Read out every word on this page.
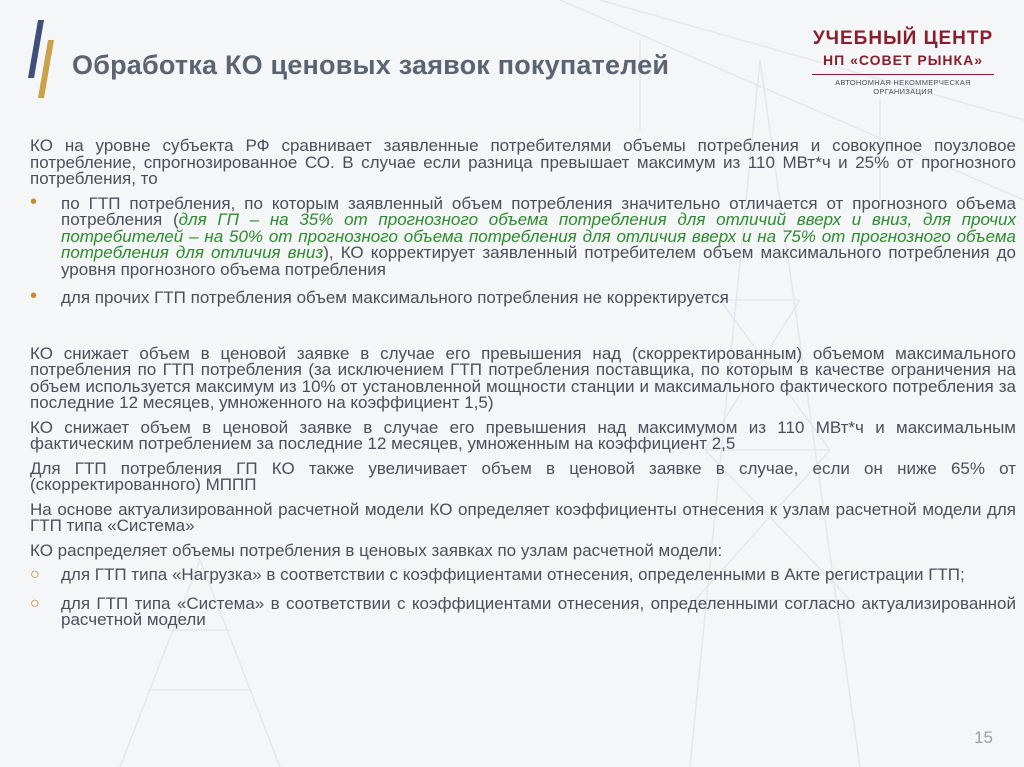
Обработка КО ценовых заявок покупателей
УЧЕБНЫЙ ЦЕНТР
НП «СОВЕТ РЫНКА»
АВТОНОМНАЯ НЕКОММЕРЧЕСКАЯ ОРГАНИЗАЦИЯ

КО на уровне субъекта РФ сравнивает заявленные потребителями объемы потребления и совокупное поузловое потребление, спрогнозированное СО. В случае если разница превышает максимум из 110 МВт*ч и 25% от прогнозного потребления, то

• по ГТП потребления, по которым заявленный объем потребления значительно отличается от прогнозного объема потребления (для ГП – на 35% от прогнозного объема потребления для отличий вверх и вниз, для прочих потребителей – на 50% от прогнозного объема потребления для отличия вверх и на 75% от прогнозного объема потребления для отличия вниз), КО корректирует заявленный потребителем объем максимального потребления до уровня прогнозного объема потребления
• для прочих ГТП потребления объем максимального потребления не корректируется

КО снижает объем в ценовой заявке в случае его превышения над (скорректированным) объемом максимального потребления по ГТП потребления (за исключением ГТП потребления поставщика, по которым в качестве ограничения на объем используется максимум из 10% от установленной мощности станции и максимального фактического потребления за последние 12 месяцев, умноженного на коэффициент 1,5)

КО снижает объем в ценовой заявке в случае его превышения над максимумом из 110 МВт*ч и максимальным фактическим потреблением за последние 12 месяцев, умноженным на коэффициент 2,5

Для ГТП потребления ГП КО также увеличивает объем в ценовой заявке в случае, если он ниже 65% от (скорректированного) МППП

На основе актуализированной расчетной модели КО определяет коэффициенты отнесения к узлам расчетной модели для ГТП типа «Система»

КО распределяет объемы потребления в ценовых заявках по узлам расчетной модели:

○ для ГТП типа «Нагрузка» в соответствии с коэффициентами отнесения, определенными в Акте регистрации ГТП;
○ для ГТП типа «Система» в соответствии с коэффициентами отнесения, определенными согласно актуализированной расчетной модели
15
